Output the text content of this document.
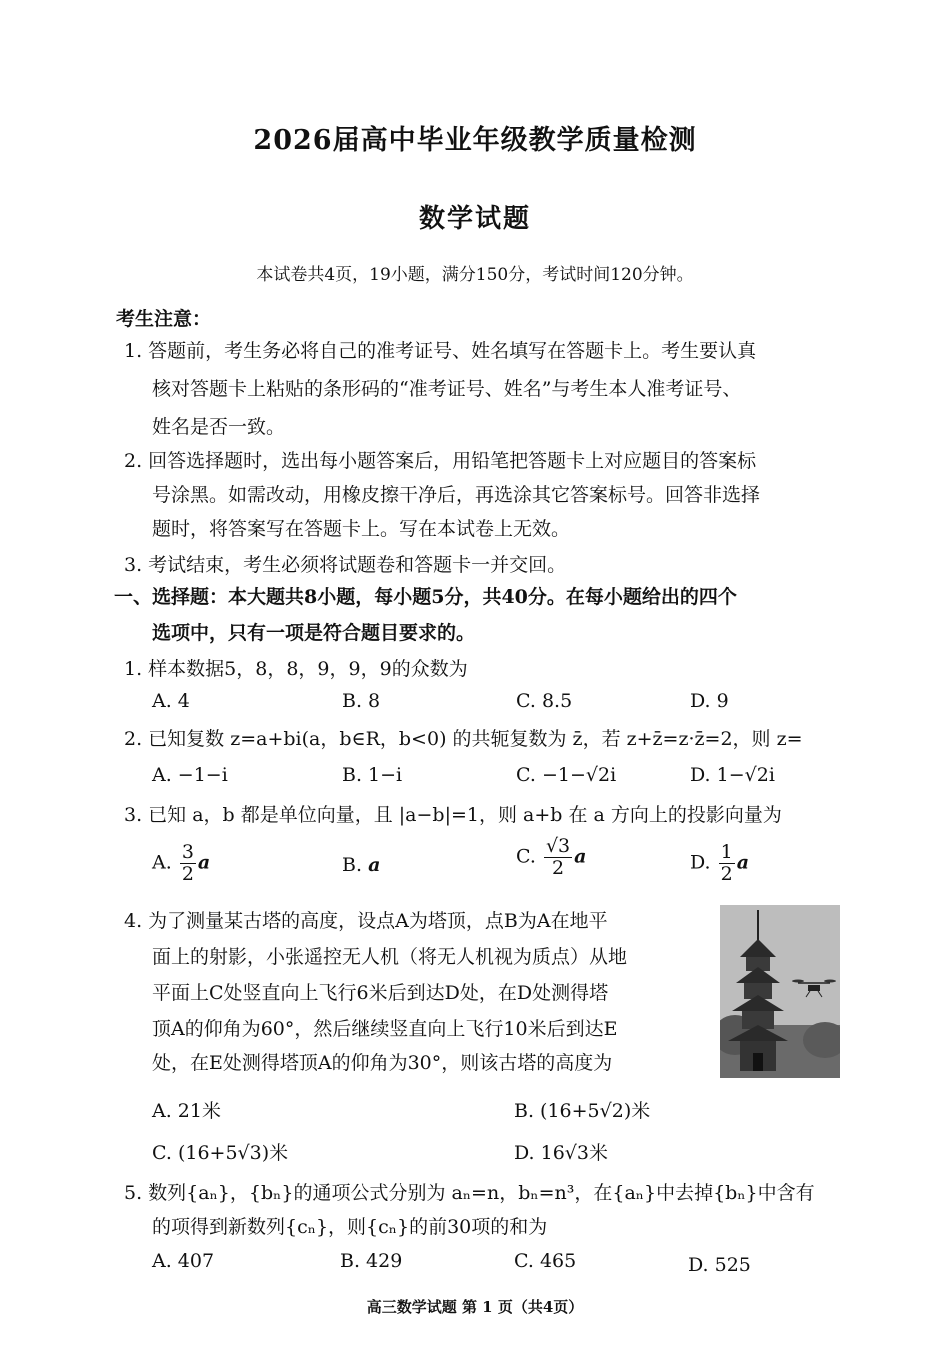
2026届高中毕业年级教学质量检测
数学试题
本试卷共4页，19小题，满分150分，考试时间120分钟。
考生注意：
1. 答题前，考生务必将自己的准考证号、姓名填写在答题卡上。考生要认真
核对答题卡上粘贴的条形码的“准考证号、姓名”与考生本人准考证号、
姓名是否一致。
2. 回答选择题时，选出每小题答案后，用铅笔把答题卡上对应题目的答案标
号涂黑。如需改动，用橡皮擦干净后，再选涂其它答案标号。回答非选择
题时，将答案写在答题卡上。写在本试卷上无效。
3. 考试结束，考生必须将试题卷和答题卡一并交回。
一、选择题：本大题共8小题，每小题5分，共40分。在每小题给出的四个
选项中，只有一项是符合题目要求的。
1. 样本数据5，8，8，9，9，9的众数为
A. 4	B. 8	C. 8.5	D. 9
2. 已知复数 z=a+bi(a，b∈R，b<0) 的共轭复数为 z̄，若 z+z̄=z·z̄=2，则 z=
A. −1−i	B. 1−i	C. −1−√2i	D. 1−√2i
3. 已知 a，b 都是单位向量，且 |a−b|=1，则 a+b 在 a 方向上的投影向量为
A. $\frac{3}{2}$ a	B. a	C. $\frac{√3}{2}$ a	D. $\frac{1}{2}$ a
4. 为了测量某古塔的高度，设点A为塔顶，点B为A在地平
面上的射影，小张遥控无人机（将无人机视为质点）从地
平面上C处竖直向上飞行6米后到达D处，在D处测得塔
顶A的仰角为60°，然后继续竖直向上飞行10米后到达E
处，在E处测得塔顶A的仰角为30°，则该古塔的高度为
A. 21米	B. (16+5√2)米
C. (16+5√3)米	D. 16√3米
5. 数列{aₙ}，{bₙ}的通项公式分别为 aₙ=n，bₙ=n³，在{aₙ}中去掉{bₙ}中含有
的项得到新数列{cₙ}，则{cₙ}的前30项的和为
A. 407	B. 429	C. 465	D. 525
高三数学试题 第 1 页（共4页）
